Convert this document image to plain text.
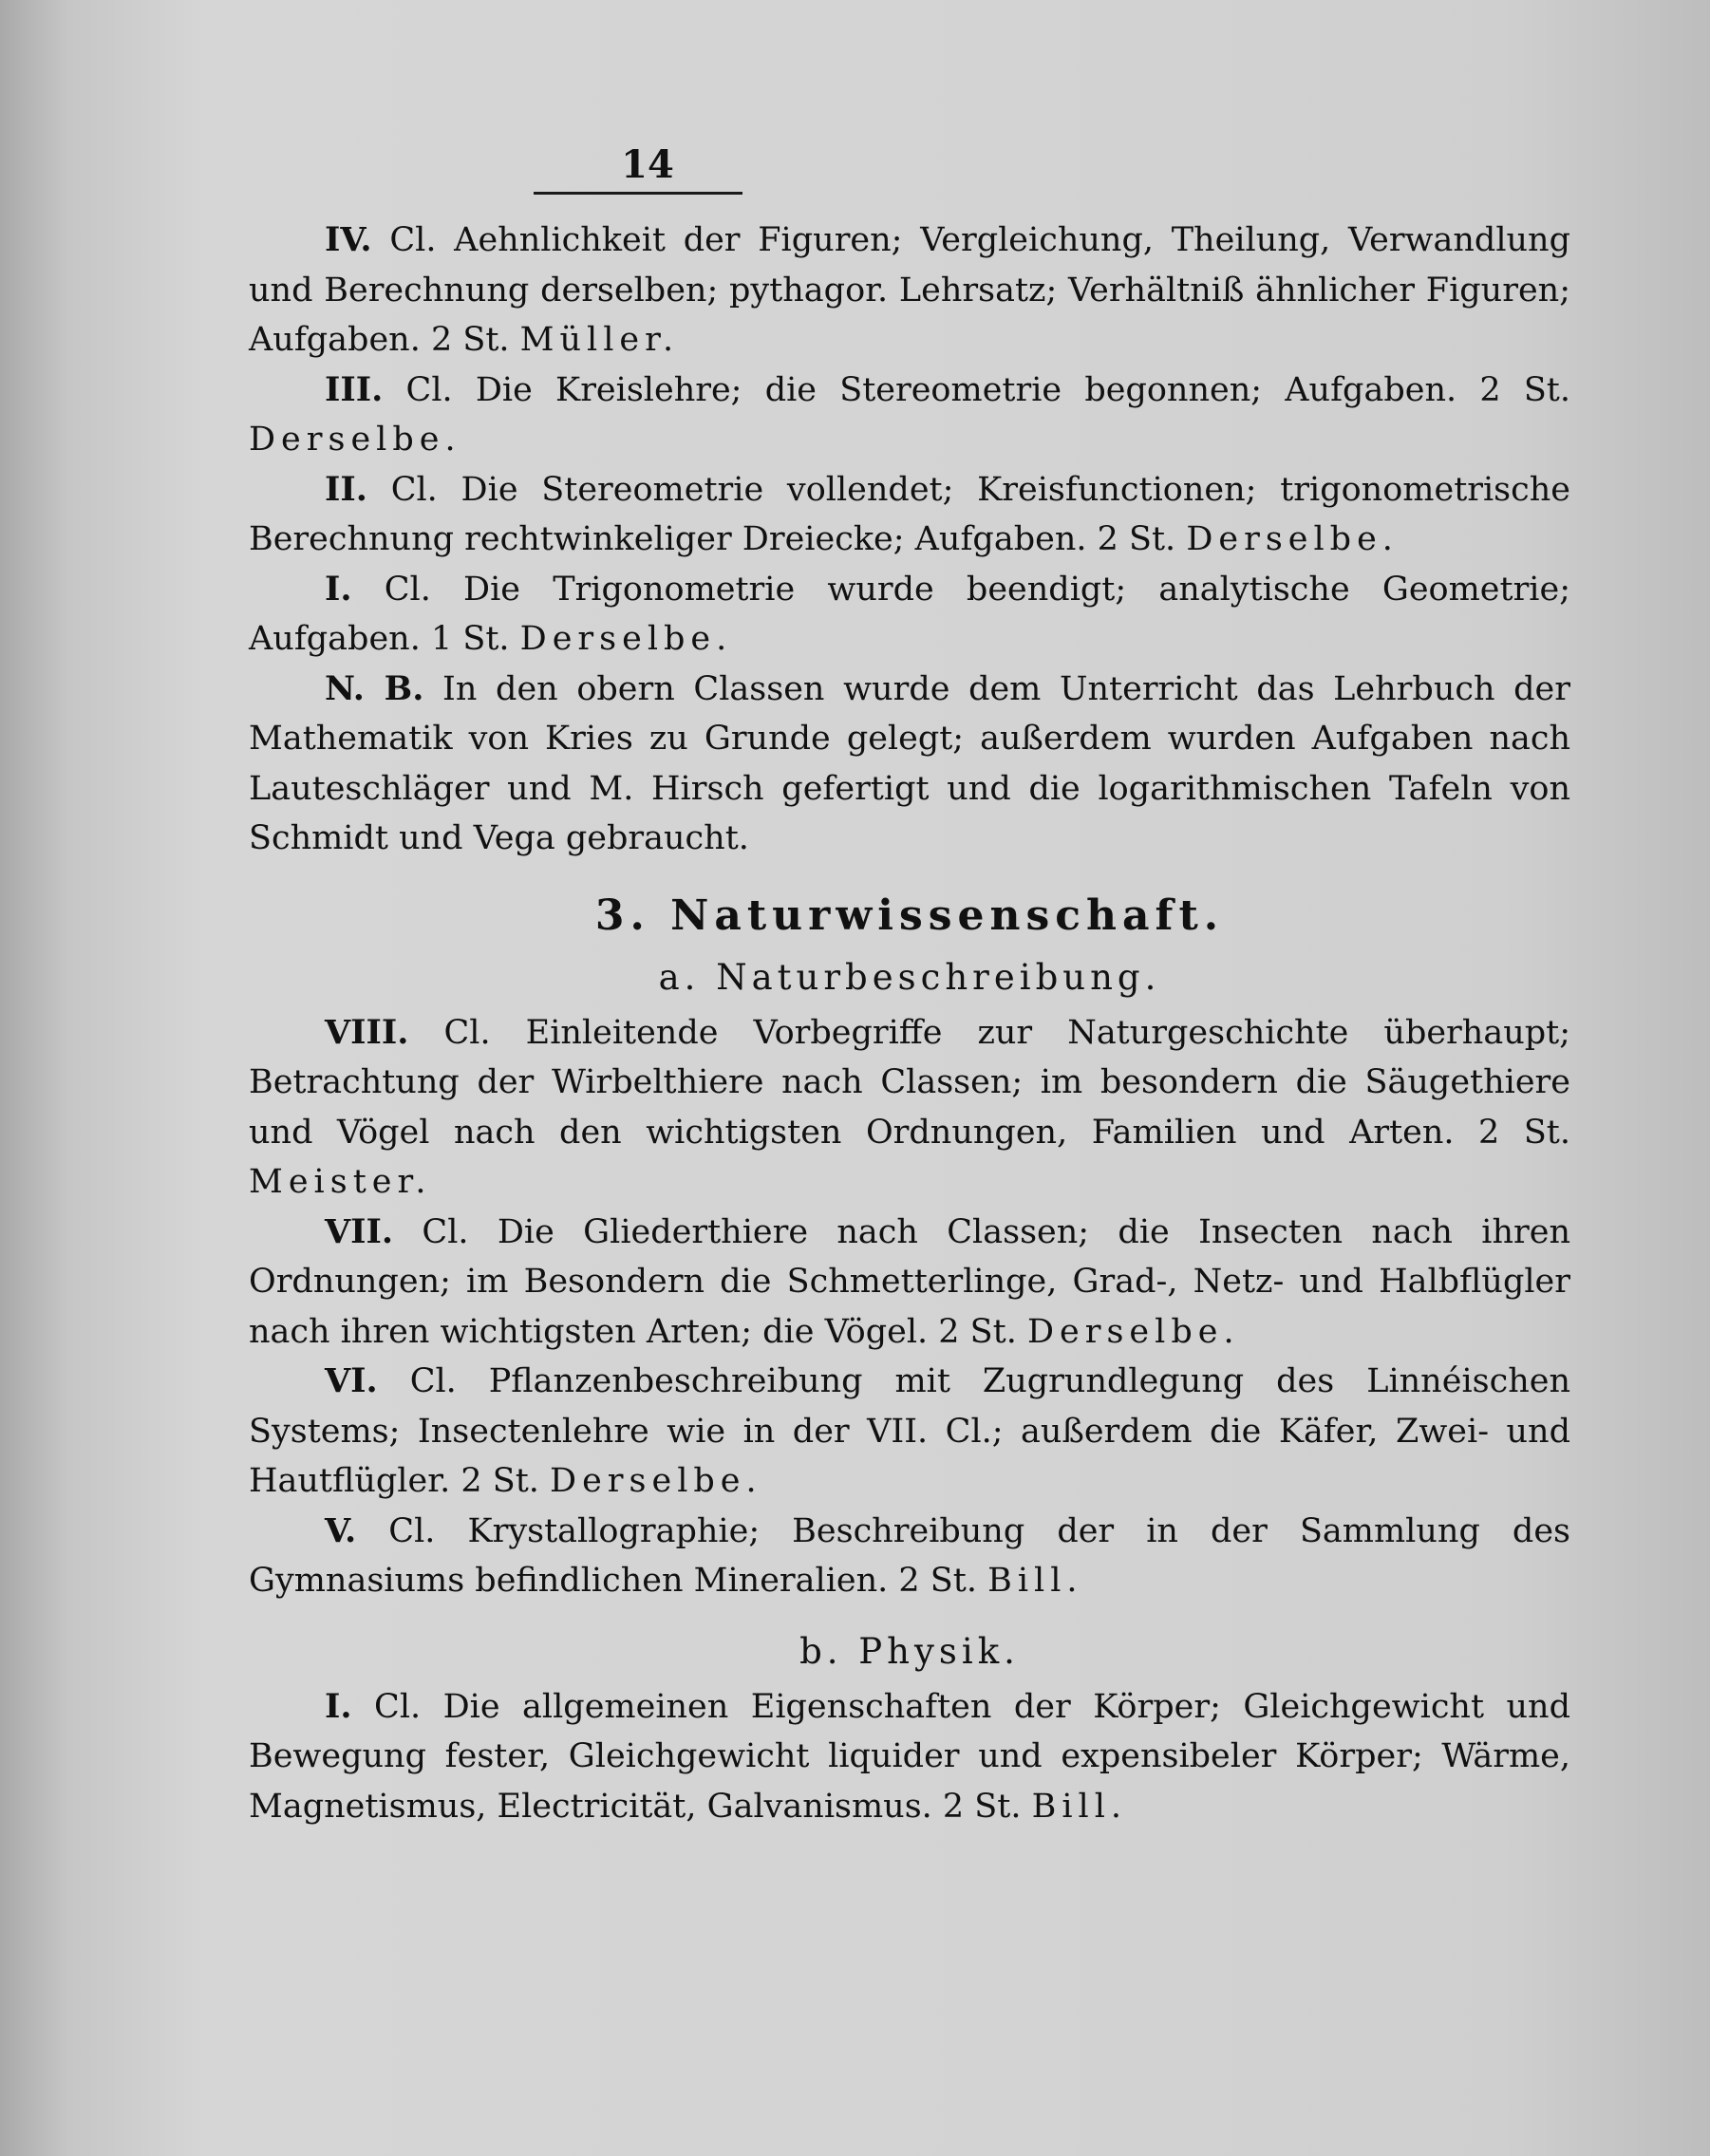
14

IV. Cl. Aehnlichkeit der Figuren; Vergleichung, Theilung, Verwandlung und Berechnung derselben; pythagor. Lehrsatz; Verhältniß ähnlicher Figuren; Aufgaben. 2 St. Müller.

III. Cl. Die Kreislehre; die Stereometrie begonnen; Aufgaben. 2 St. Derselbe.

II. Cl. Die Stereometrie vollendet; Kreisfunctionen; trigonometrische Berechnung rechtwinkeliger Dreiecke; Aufgaben. 2 St. Derselbe.

I. Cl. Die Trigonometrie wurde beendigt; analytische Geometrie; Aufgaben. 1 St. Derselbe.

N. B. In den obern Classen wurde dem Unterricht das Lehrbuch der Mathematik von Kries zu Grunde gelegt; außerdem wurden Aufgaben nach Lauteschläger und M. Hirsch gefertigt und die logarithmischen Tafeln von Schmidt und Vega gebraucht.

3. Naturwissenschaft.
a. Naturbeschreibung.

VIII. Cl. Einleitende Vorbegriffe zur Naturgeschichte überhaupt; Betrachtung der Wirbelthiere nach Classen; im besondern die Säugethiere und Vögel nach den wichtigsten Ordnungen, Familien und Arten. 2 St. Meister.

VII. Cl. Die Gliederthiere nach Classen; die Insecten nach ihren Ordnungen; im Besondern die Schmetterlinge, Grad-, Netz- und Halbflügler nach ihren wichtigsten Arten; die Vögel. 2 St. Derselbe.

VI. Cl. Pflanzenbeschreibung mit Zugrundlegung des Linnéischen Systems; Insectenlehre wie in der VII. Cl.; außerdem die Käfer, Zwei- und Hautflügler. 2 St. Derselbe.

V. Cl. Krystallographie; Beschreibung der in der Sammlung des Gymnasiums befindlichen Mineralien. 2 St. Bill.

b. Physik.

I. Cl. Die allgemeinen Eigenschaften der Körper; Gleichgewicht und Bewegung fester, Gleichgewicht liquider und expensibeler Körper; Wärme, Magnetismus, Electricität, Galvanismus. 2 St. Bill.
